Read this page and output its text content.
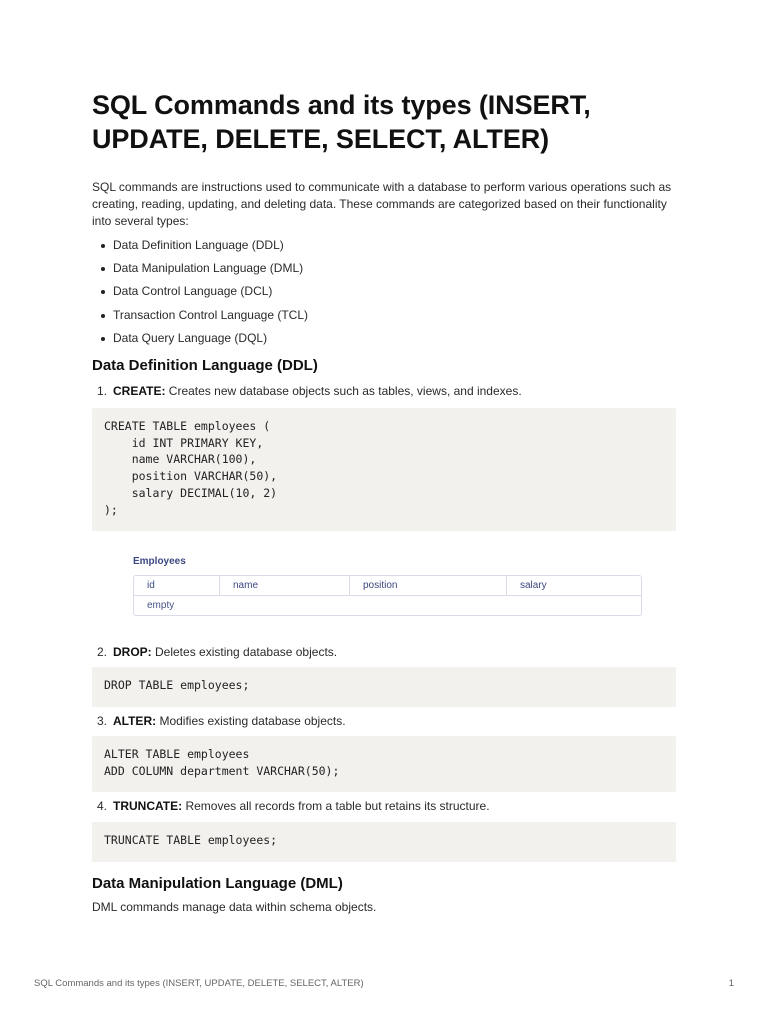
SQL Commands and its types (INSERT, UPDATE, DELETE, SELECT, ALTER)

SQL commands are instructions used to communicate with a database to perform various operations such as creating, reading, updating, and deleting data. These commands are categorized based on their functionality into several types:

Data Definition Language (DDL)
Data Manipulation Language (DML)
Data Control Language (DCL)
Transaction Control Language (TCL)
Data Query Language (DQL)
Data Definition Language (DDL)

1. CREATE: Creates new database objects such as tables, views, and indexes.

CREATE TABLE employees (
id INT PRIMARY KEY,
name VARCHAR(100),
position VARCHAR(50),
salary DECIMAL(10, 2)
);
Employees
id	name	position	salary
empty

2. DROP: Deletes existing database objects.

DROP TABLE employees;

3. ALTER: Modifies existing database objects.

ALTER TABLE employees
ADD COLUMN department VARCHAR(50);

4. TRUNCATE: Removes all records from a table but retains its structure.

TRUNCATE TABLE employees;
Data Manipulation Language (DML)

DML commands manage data within schema objects.

SQL Commands and its types (INSERT, UPDATE, DELETE, SELECT, ALTER)	1
